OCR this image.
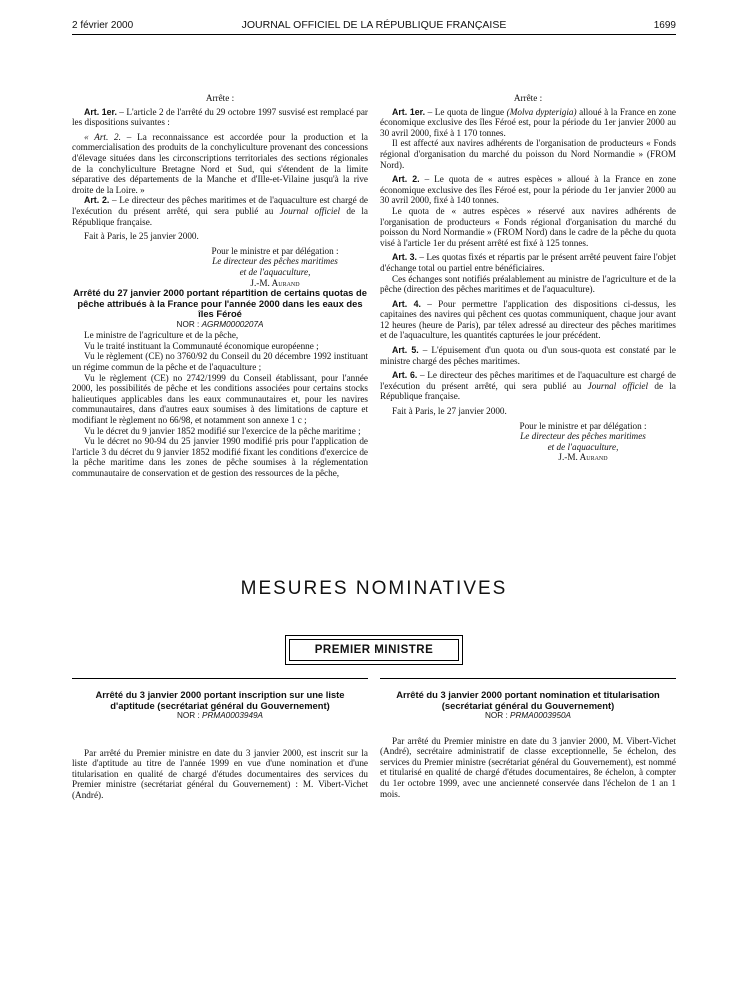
2 février 2000	JOURNAL OFFICIEL DE LA RÉPUBLIQUE FRANÇAISE	1699

Arrête :

Art. 1er. – L'article 2 de l'arrêté du 29 octobre 1997 susvisé est remplacé par les dispositions suivantes :

« Art. 2. – La reconnaissance est accordée pour la production et la commercialisation des produits de la conchyliculture provenant des concessions d'élevage situées dans les circonscriptions territoriales des sections régionales de la conchyliculture Bretagne Nord et Sud, qui s'étendent de la limite séparative des départements de la Manche et d'Ille-et-Vilaine jusqu'à la rive droite de la Loire. »

Art. 2. – Le directeur des pêches maritimes et de l'aquaculture est chargé de l'exécution du présent arrêté, qui sera publié au Journal officiel de la République française.

Fait à Paris, le 25 janvier 2000.

Pour le ministre et par délégation :
Le directeur des pêches maritimes
et de l'aquaculture,
J.-M. Aurand

Arrêté du 27 janvier 2000 portant répartition de certains quotas de pêche attribués à la France pour l'année 2000 dans les eaux des îles Féroé

NOR : AGRM0000207A

Le ministre de l'agriculture et de la pêche,

Vu le traité instituant la Communauté économique européenne ;

Vu le règlement (CE) no 3760/92 du Conseil du 20 décembre 1992 instituant un régime commun de la pêche et de l'aquaculture ;

Vu le règlement (CE) no 2742/1999 du Conseil établissant, pour l'année 2000, les possibilités de pêche et les conditions associées pour certains stocks halieutiques applicables dans les eaux communautaires et, pour les navires communautaires, dans d'autres eaux soumises à des limitations de capture et modifiant le règlement no 66/98, et notamment son annexe 1 c ;

Vu le décret du 9 janvier 1852 modifié sur l'exercice de la pêche maritime ;

Vu le décret no 90-94 du 25 janvier 1990 modifié pris pour l'application de l'article 3 du décret du 9 janvier 1852 modifié fixant les conditions d'exercice de la pêche maritime dans les zones de pêche soumises à la réglementation communautaire de conservation et de gestion des ressources de la pêche,

Arrête :

Art. 1er. – Le quota de lingue (Molva dypterigia) alloué à la France en zone économique exclusive des îles Féroé est, pour la période du 1er janvier 2000 au 30 avril 2000, fixé à 1 170 tonnes.

Il est affecté aux navires adhérents de l'organisation de producteurs « Fonds régional d'organisation du marché du poisson du Nord Normandie » (FROM Nord).

Art. 2. – Le quota de « autres espèces » alloué à la France en zone économique exclusive des îles Féroé est, pour la période du 1er janvier 2000 au 30 avril 2000, fixé à 140 tonnes.

Le quota de « autres espèces » réservé aux navires adhérents de l'organisation de producteurs « Fonds régional d'organisation du marché du poisson du Nord Normandie » (FROM Nord) dans le cadre de la pêche du quota visé à l'article 1er du présent arrêté est fixé à 125 tonnes.

Art. 3. – Les quotas fixés et répartis par le présent arrêté peuvent faire l'objet d'échange total ou partiel entre bénéficiaires.

Ces échanges sont notifiés préalablement au ministre de l'agriculture et de la pêche (direction des pêches maritimes et de l'aquaculture).

Art. 4. – Pour permettre l'application des dispositions ci-dessus, les capitaines des navires qui pêchent ces quotas communiquent, chaque jour avant 12 heures (heure de Paris), par télex adressé au directeur des pêches maritimes et de l'aquaculture, les quantités capturées le jour précédent.

Art. 5. – L'épuisement d'un quota ou d'un sous-quota est constaté par le ministre chargé des pêches maritimes.

Art. 6. – Le directeur des pêches maritimes et de l'aquaculture est chargé de l'exécution du présent arrêté, qui sera publié au Journal officiel de la République française.

Fait à Paris, le 27 janvier 2000.

Pour le ministre et par délégation :
Le directeur des pêches maritimes
et de l'aquaculture,
J.-M. Aurand
MESURES NOMINATIVES
PREMIER MINISTRE

Arrêté du 3 janvier 2000 portant inscription sur une liste d'aptitude (secrétariat général du Gouvernement)

NOR : PRMA0003949A

Par arrêté du Premier ministre en date du 3 janvier 2000, est inscrit sur la liste d'aptitude au titre de l'année 1999 en vue d'une nomination et d'une titularisation en qualité de chargé d'études documentaires des services du Premier ministre (secrétariat général du Gouvernement) : M. Vibert-Vichet (André).

Arrêté du 3 janvier 2000 portant nomination et titularisation (secrétariat général du Gouvernement)

NOR : PRMA0003950A

Par arrêté du Premier ministre en date du 3 janvier 2000, M. Vibert-Vichet (André), secrétaire administratif de classe exceptionnelle, 5e échelon, des services du Premier ministre (secrétariat général du Gouvernement), est nommé et titularisé en qualité de chargé d'études documentaires, 8e échelon, à compter du 1er octobre 1999, avec une ancienneté conservée dans l'échelon de 1 an 1 mois.
